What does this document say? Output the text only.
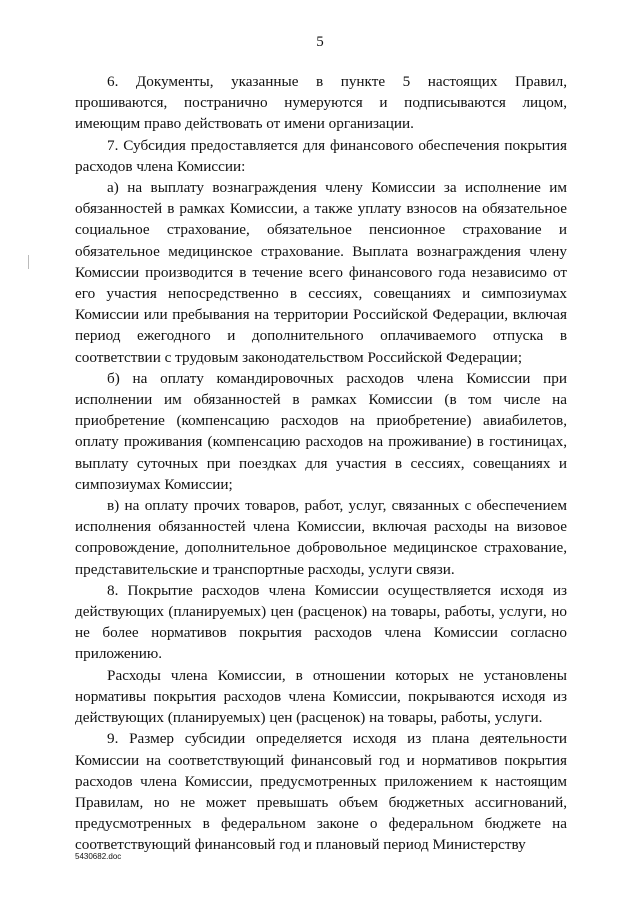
5

6. Документы, указанные в пункте 5 настоящих Правил, прошиваются, постранично нумеруются и подписываются лицом, имеющим право действовать от имени организации.

7. Субсидия предоставляется для финансового обеспечения покрытия расходов члена Комиссии:

а) на выплату вознаграждения члену Комиссии за исполнение им обязанностей в рамках Комиссии, а также уплату взносов на обязательное социальное страхование, обязательное пенсионное страхование и обязательное медицинское страхование. Выплата вознаграждения члену Комиссии производится в течение всего финансового года независимо от его участия непосредственно в сессиях, совещаниях и симпозиумах Комиссии или пребывания на территории Российской Федерации, включая период ежегодного и дополнительного оплачиваемого отпуска в соответствии с трудовым законодательством Российской Федерации;

б) на оплату командировочных расходов члена Комиссии при исполнении им обязанностей в рамках Комиссии (в том числе на приобретение (компенсацию расходов на приобретение) авиабилетов, оплату проживания (компенсацию расходов на проживание) в гостиницах, выплату суточных при поездках для участия в сессиях, совещаниях и симпозиумах Комиссии;

в) на оплату прочих товаров, работ, услуг, связанных с обеспечением исполнения обязанностей члена Комиссии, включая расходы на визовое сопровождение, дополнительное добровольное медицинское страхование, представительские и транспортные расходы, услуги связи.

8. Покрытие расходов члена Комиссии осуществляется исходя из действующих (планируемых) цен (расценок) на товары, работы, услуги, но не более нормативов покрытия расходов члена Комиссии согласно приложению.

Расходы члена Комиссии, в отношении которых не установлены нормативы покрытия расходов члена Комиссии, покрываются исходя из действующих (планируемых) цен (расценок) на товары, работы, услуги.

9. Размер субсидии определяется исходя из плана деятельности Комиссии на соответствующий финансовый год и нормативов покрытия расходов члена Комиссии, предусмотренных приложением к настоящим Правилам, но не может превышать объем бюджетных ассигнований, предусмотренных в федеральном законе о федеральном бюджете на соответствующий финансовый год и плановый период Министерству

5430682.doc
